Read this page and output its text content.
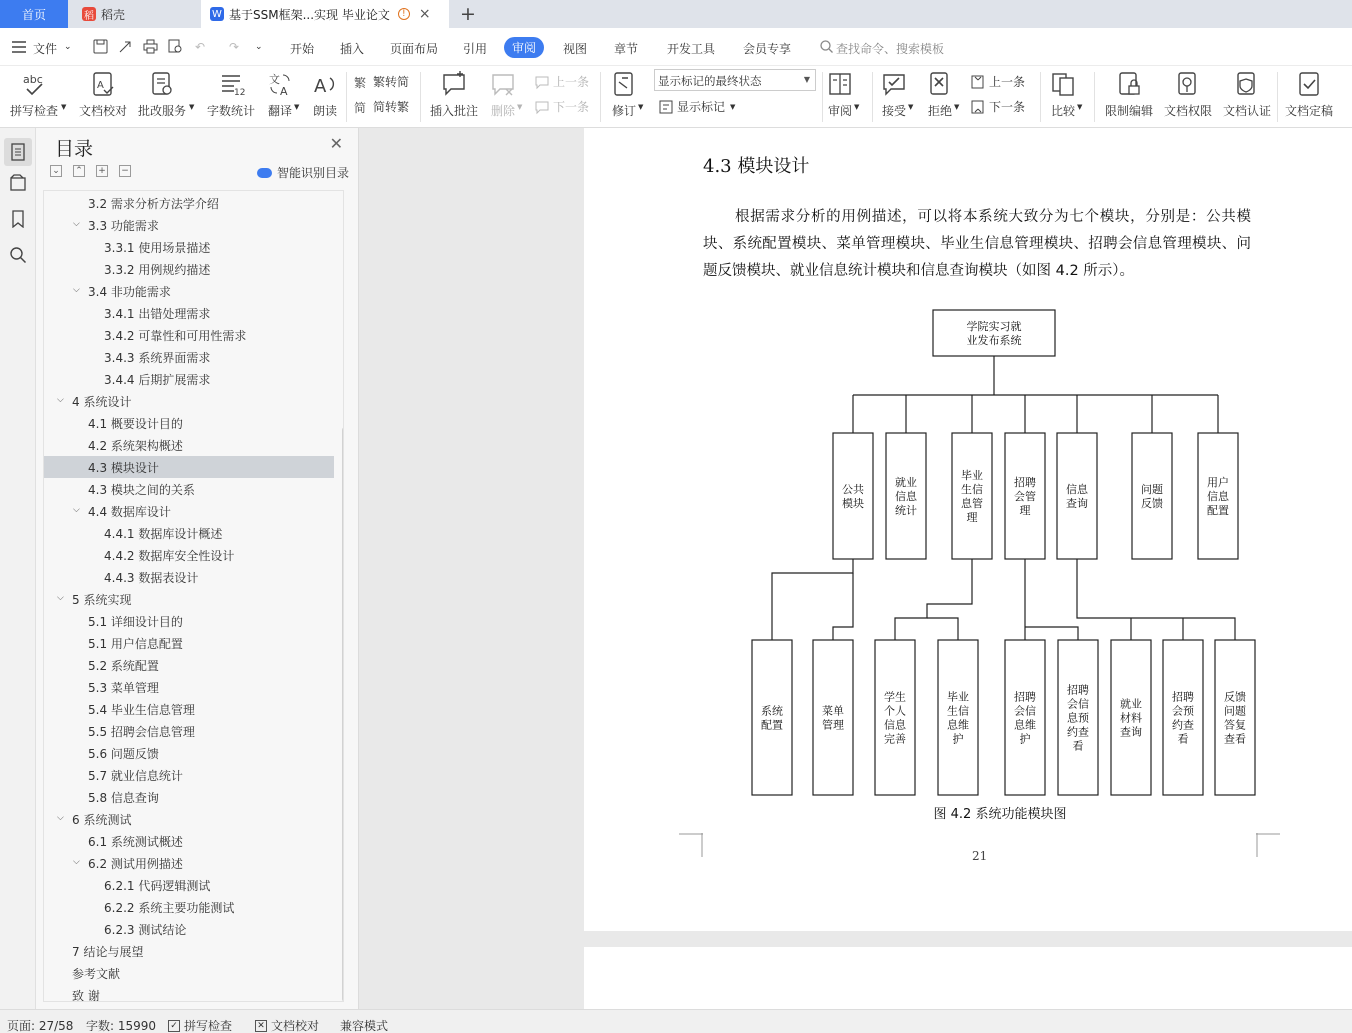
首页	稻 稻壳	W 基于SSM框架...实现 毕业论文	! × +
文件 ⌄	↶ ↷ ⌄ 开始 插入 页面布局 引用	审阅	视图 章节 开发工具 会员专享	查找命令、搜索模板
abc
拼写检查
A
文档校对 批改服务
12
字数统计
文
A
翻译
A
朗读
繁 繁转简
简 简转繁 插入批注 删除
上一条
下一条 修订
显示标记的最终状态	▼
显示标记	审阅 接受 拒绝
上一条
下一条 比较	限制编辑 文档权限 文档认证 文档定稿
▼	▼	▼	▼	▼	▼	▼	▼	▼	▼
目录	✕
⌄ ⌃ + −	智能识别目录
3.2 需求分析方法学介绍
⌵ 3.3 功能需求
3.3.1 使用场景描述
3.3.2 用例规约描述
⌵ 3.4 非功能需求
3.4.1 出错处理需求
3.4.2 可靠性和可用性需求
3.4.3 系统界面需求
3.4.4 后期扩展需求
⌵ 4 系统设计
4.1 概要设计目的
4.2 系统架构概述
4.3 模块设计
4.3 模块之间的关系
⌵ 4.4 数据库设计
4.4.1 数据库设计概述
4.4.2 数据库安全性设计
4.4.3 数据表设计
⌵ 5 系统实现
5.1 详细设计目的
5.1 用户信息配置
5.2 系统配置
5.3 菜单管理
5.4 毕业生信息管理
5.5 招聘会信息管理
5.6 问题反馈
5.7 就业信息统计
5.8 信息查询
⌵ 6 系统测试
6.1 系统测试概述
⌵ 6.2 测试用例描述
6.2.1 代码逻辑测试
6.2.2 系统主要功能测试
6.2.3 测试结论
7 结论与展望
参考文献
致 谢
4.3 模块设计
根据需求分析的用例描述，可以将本系统大致分为七个模块，分别是：公共模块、系统配置模块、菜单管理模块、毕业生信息管理模块、招聘会信息管理模块、问题反馈模块、就业信息统计模块和信息查询模块（如图 4.2 所示）。
学院实习就
业发布系统
公共
模块
就业
信息
统计
毕业
生信
息管
理
招聘
会管
理
信息
查询
问题
反馈
用户
信息
配置
系统
配置
菜单
管理
学生
个人
信息
完善
毕业
生信
息维
护
招聘
会信
息维
护
招聘
会信
息预
约查
看
就业
材料
查询
招聘
会预
约查
看
反馈
问题
答复
查看
图 4.2 系统功能模块图
21
页面: 27/58 字数: 15990 ✓ 拼写检查	✕ 文档校对 兼容模式
